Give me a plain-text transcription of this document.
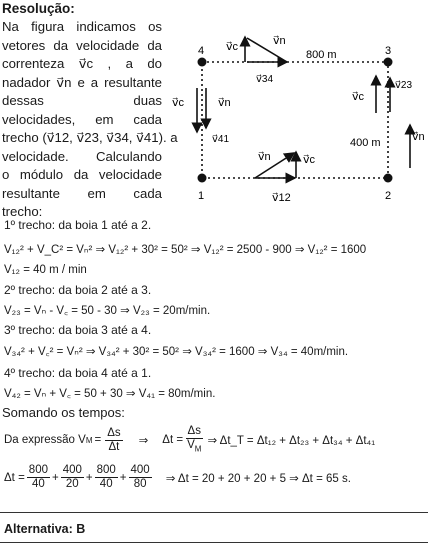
Resolução:
Na figura indicamos os
vetores da velocidade da
correnteza v⃗c , a do
nadador v⃗n e a resultante
dessas duas
velocidades, em cada
trecho (v⃗12, v⃗23, v⃗34, v⃗41). a
velocidade. Calculando
o módulo da velocidade
resultante em cada
trecho:
4	3
1	2
800 m
400 m
v⃗c	v⃗n
v⃗34
v⃗c	v⃗n
v⃗41
v⃗c
v⃗23
v⃗n
v⃗n	v⃗c
v⃗12
1º trecho: da boia 1 até a 2.
V₁₂² + V_C² = Vₙ² ⇒ V₁₂² + 30² = 50² ⇒ V₁₂² = 2500 - 900 ⇒ V₁₂² = 1600
V₁₂ = 40 m / min
2º trecho: da boia 2 até a 3.
V₂₃ = Vₙ - V꜀ = 50 - 30 ⇒ V₂₃ = 20m/min.
3º trecho: da boia 3 até a 4.
V₃₄² + V꜀² = Vₙ² ⇒ V₃₄² + 30² = 50² ⇒ V₃₄² = 1600 ⇒ V₃₄ = 40m/min.
4º trecho: da boia 4 até a 1.
V₄₂ = Vₙ + V꜀ = 50 + 30 ⇒ V₄₁ = 80m/min.
Somando os tempos:
Da expressão V $M = \frac{\Delta s}{\Delta t}$ ⇒ $\Delta t = \frac{\Delta s}{V_M}$ ⇒ Δt_T = Δt₁₂ + Δt₂₃ + Δt₃₄ + Δt₄₁
$\Delta t = \frac{800}{40} + \frac{400}{20} + \frac{800}{40} + \frac{400}{80}$ ⇒ Δt = 20 + 20 + 20 + 5 ⇒ Δt = 65 s.
Alternativa: B
